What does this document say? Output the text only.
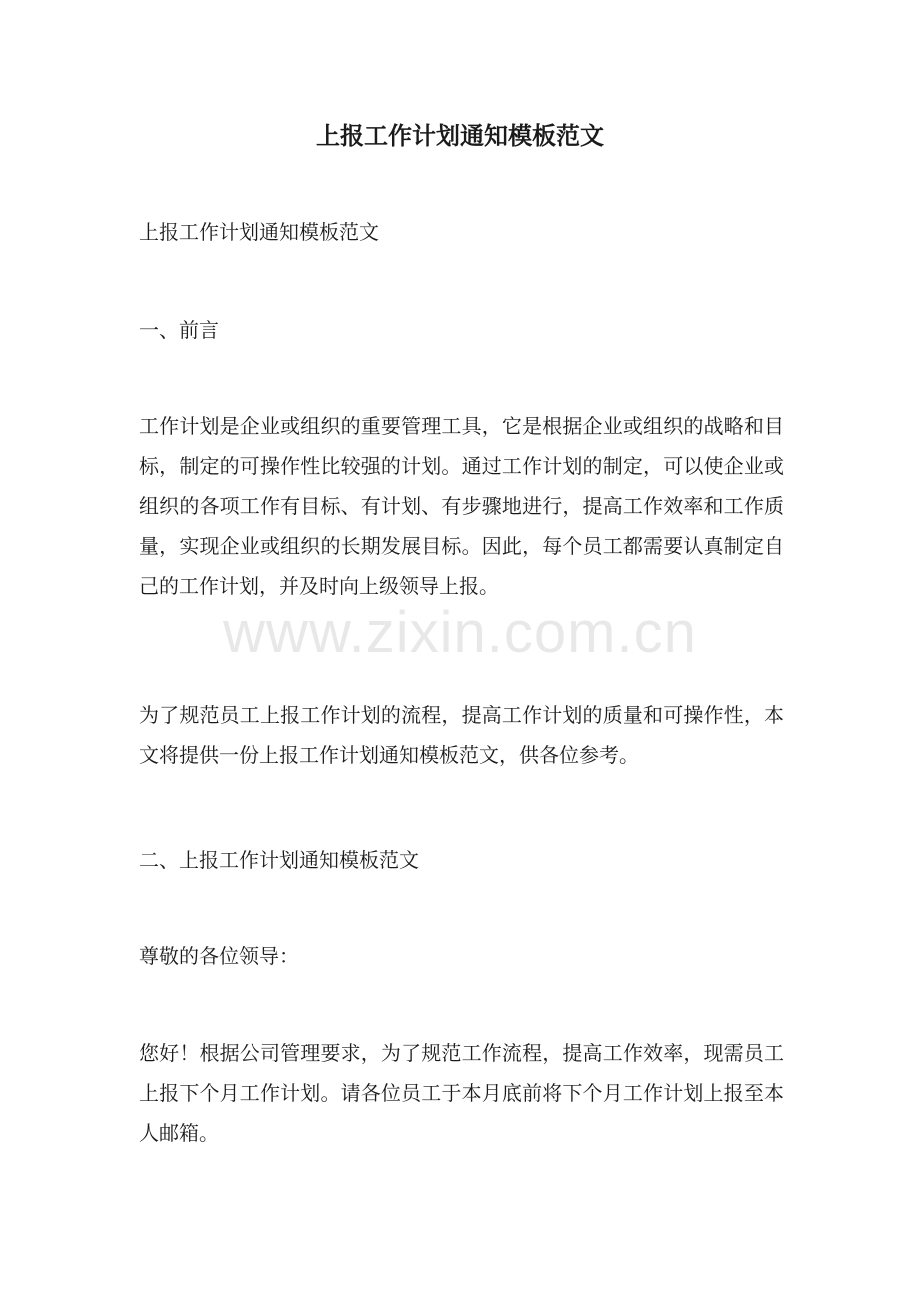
上报工作计划通知模板范文

上报工作计划通知模板范文

一、前言

工作计划是企业或组织的重要管理工具，它是根据企业或组织的战略和目标，制定的可操作性比较强的计划。通过工作计划的制定，可以使企业或组织的各项工作有目标、有计划、有步骤地进行，提高工作效率和工作质量，实现企业或组织的长期发展目标。因此，每个员工都需要认真制定自己的工作计划，并及时向上级领导上报。

www.zixin.com.cn

为了规范员工上报工作计划的流程，提高工作计划的质量和可操作性，本文将提供一份上报工作计划通知模板范文，供各位参考。

二、上报工作计划通知模板范文

尊敬的各位领导：

您好！根据公司管理要求，为了规范工作流程，提高工作效率，现需员工上报下个月工作计划。请各位员工于本月底前将下个月工作计划上报至本人邮箱。
